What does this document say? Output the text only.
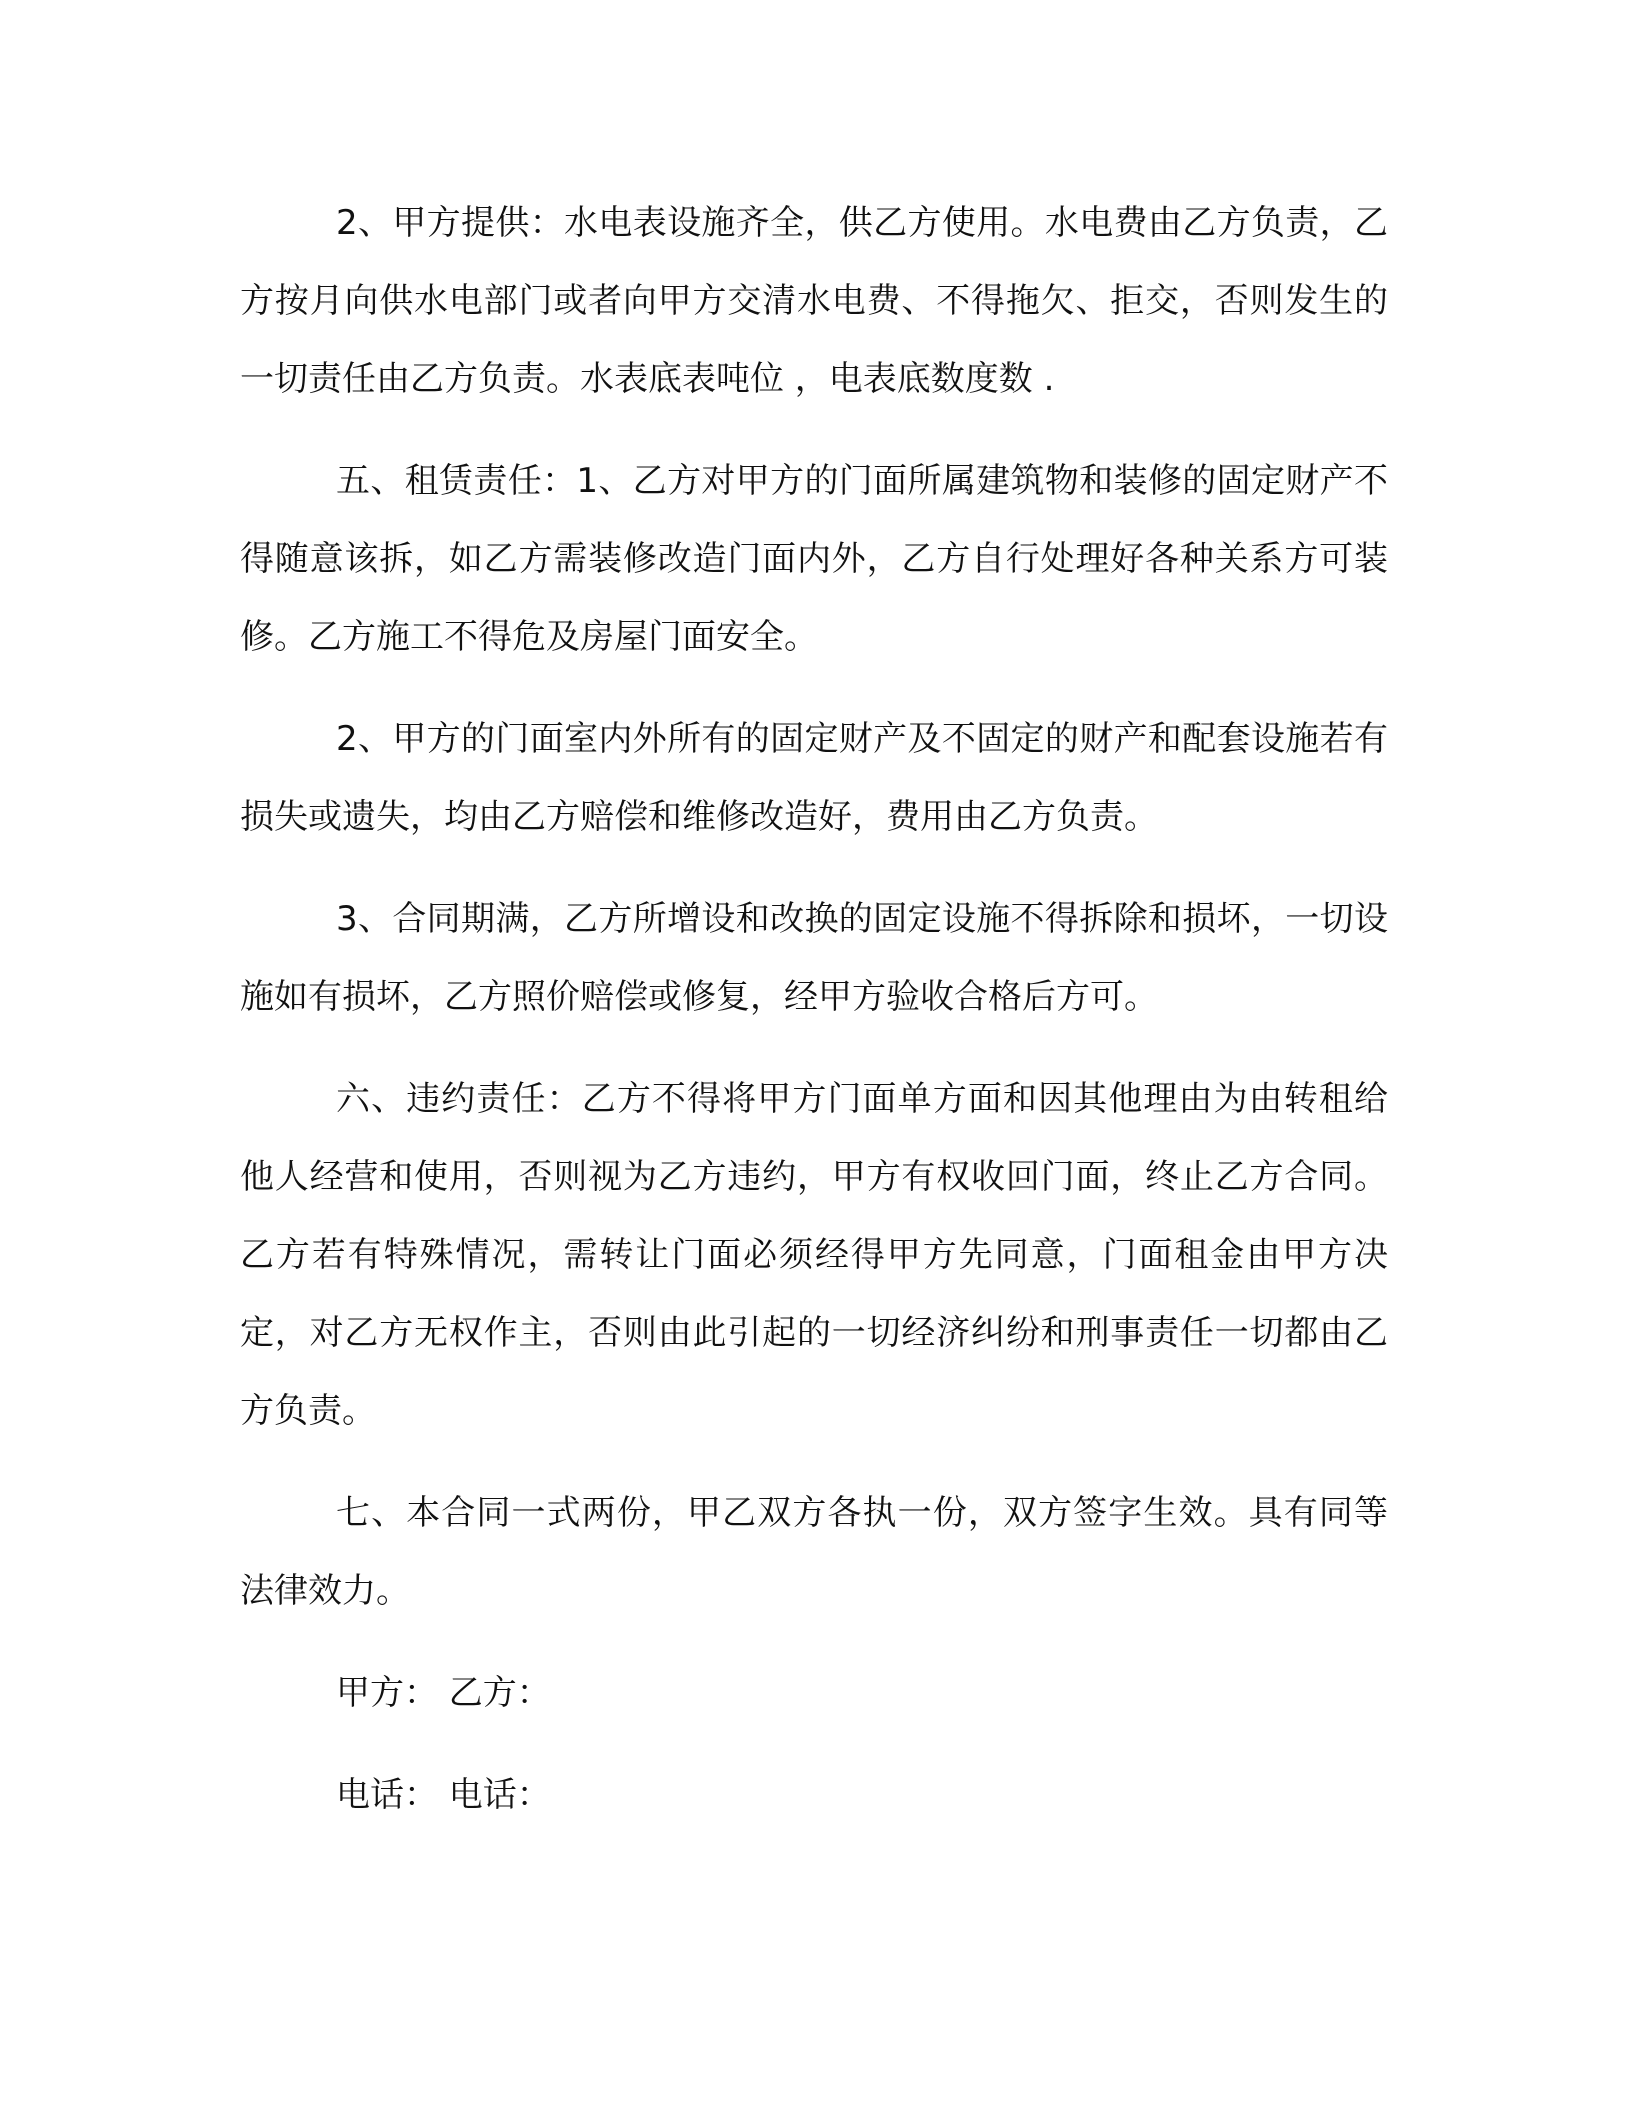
2、甲方提供：水电表设施齐全，供乙方使用。水电费由乙方负责，乙方按月向供水电部门或者向甲方交清水电费、不得拖欠、拒交，否则发生的一切责任由乙方负责。水表底表吨位 ，电表底数度数 .

五、租赁责任：1、乙方对甲方的门面所属建筑物和装修的固定财产不得随意该拆，如乙方需装修改造门面内外，乙方自行处理好各种关系方可装修。乙方施工不得危及房屋门面安全。

2、甲方的门面室内外所有的固定财产及不固定的财产和配套设施若有损失或遗失，均由乙方赔偿和维修改造好，费用由乙方负责。

3、合同期满，乙方所增设和改换的固定设施不得拆除和损坏，一切设施如有损坏，乙方照价赔偿或修复，经甲方验收合格后方可。

六、违约责任：乙方不得将甲方门面单方面和因其他理由为由转租给他人经营和使用，否则视为乙方违约，甲方有权收回门面，终止乙方合同。乙方若有特殊情况，需转让门面必须经得甲方先同意，门面租金由甲方决定，对乙方无权作主，否则由此引起的一切经济纠纷和刑事责任一切都由乙方负责。

七、本合同一式两份，甲乙双方各执一份，双方签字生效。具有同等法律效力。

甲方： 乙方：
电话： 电话：
